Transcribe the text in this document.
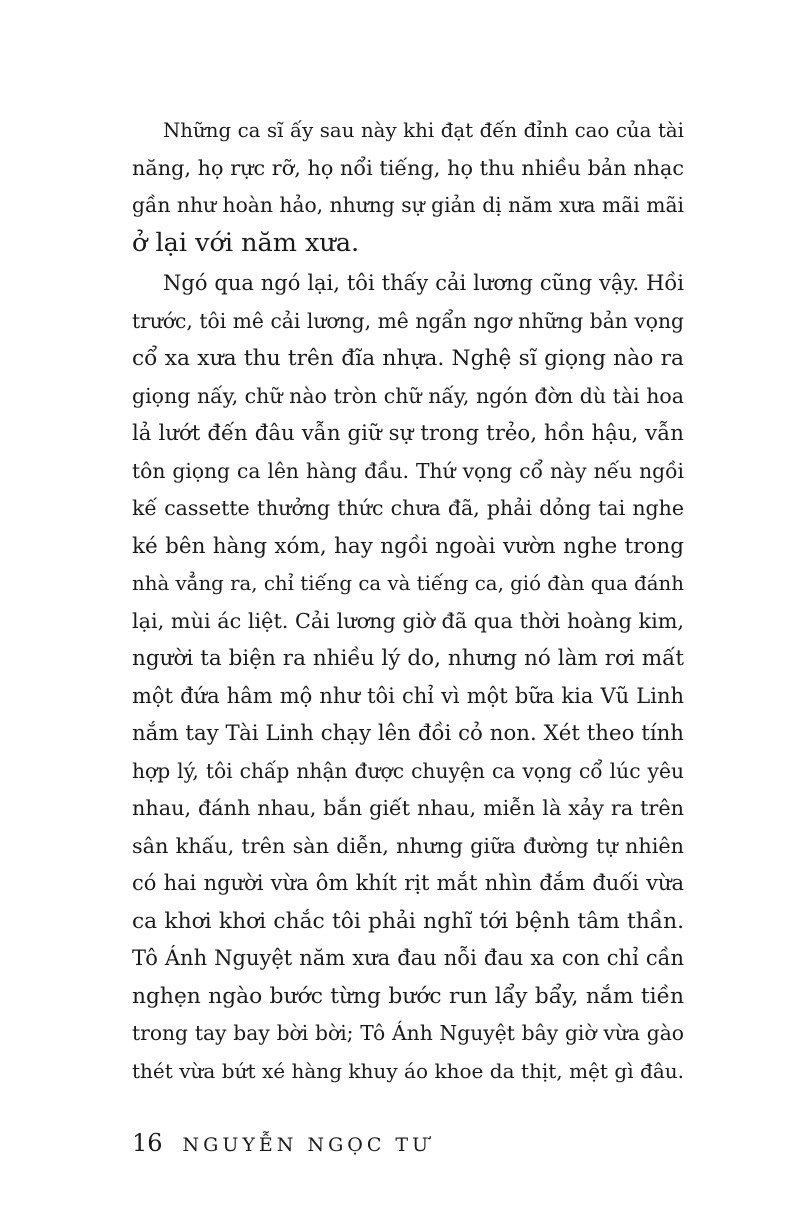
Những ca sĩ ấy sau này khi đạt đến đỉnh cao của tài
năng, họ rực rỡ, họ nổi tiếng, họ thu nhiều bản nhạc
gần như hoàn hảo, nhưng sự giản dị năm xưa mãi mãi
ở lại với năm xưa.
Ngó qua ngó lại, tôi thấy cải lương cũng vậy. Hồi
trước, tôi mê cải lương, mê ngẩn ngơ những bản vọng
cổ xa xưa thu trên đĩa nhựa. Nghệ sĩ giọng nào ra
giọng nấy, chữ nào tròn chữ nấy, ngón đờn dù tài hoa
lả lướt đến đâu vẫn giữ sự trong trẻo, hồn hậu, vẫn
tôn giọng ca lên hàng đầu. Thứ vọng cổ này nếu ngồi
kế cassette thưởng thức chưa đã, phải dỏng tai nghe
ké bên hàng xóm, hay ngồi ngoài vườn nghe trong
nhà vẳng ra, chỉ tiếng ca và tiếng ca, gió đàn qua đánh
lại, mùi ác liệt. Cải lương giờ đã qua thời hoàng kim,
người ta biện ra nhiều lý do, nhưng nó làm rơi mất
một đứa hâm mộ như tôi chỉ vì một bữa kia Vũ Linh
nắm tay Tài Linh chạy lên đồi cỏ non. Xét theo tính
hợp lý, tôi chấp nhận được chuyện ca vọng cổ lúc yêu
nhau, đánh nhau, bắn giết nhau, miễn là xảy ra trên
sân khấu, trên sàn diễn, nhưng giữa đường tự nhiên
có hai người vừa ôm khít rịt mắt nhìn đắm đuối vừa
ca khơi khơi chắc tôi phải nghĩ tới bệnh tâm thần.
Tô Ánh Nguyệt năm xưa đau nỗi đau xa con chỉ cần
nghẹn ngào bước từng bước run lẩy bẩy, nắm tiền
trong tay bay bời bời; Tô Ánh Nguyệt bây giờ vừa gào
thét vừa bứt xé hàng khuy áo khoe da thịt, mệt gì đâu.
16 NGUYỄN NGỌC TƯ
